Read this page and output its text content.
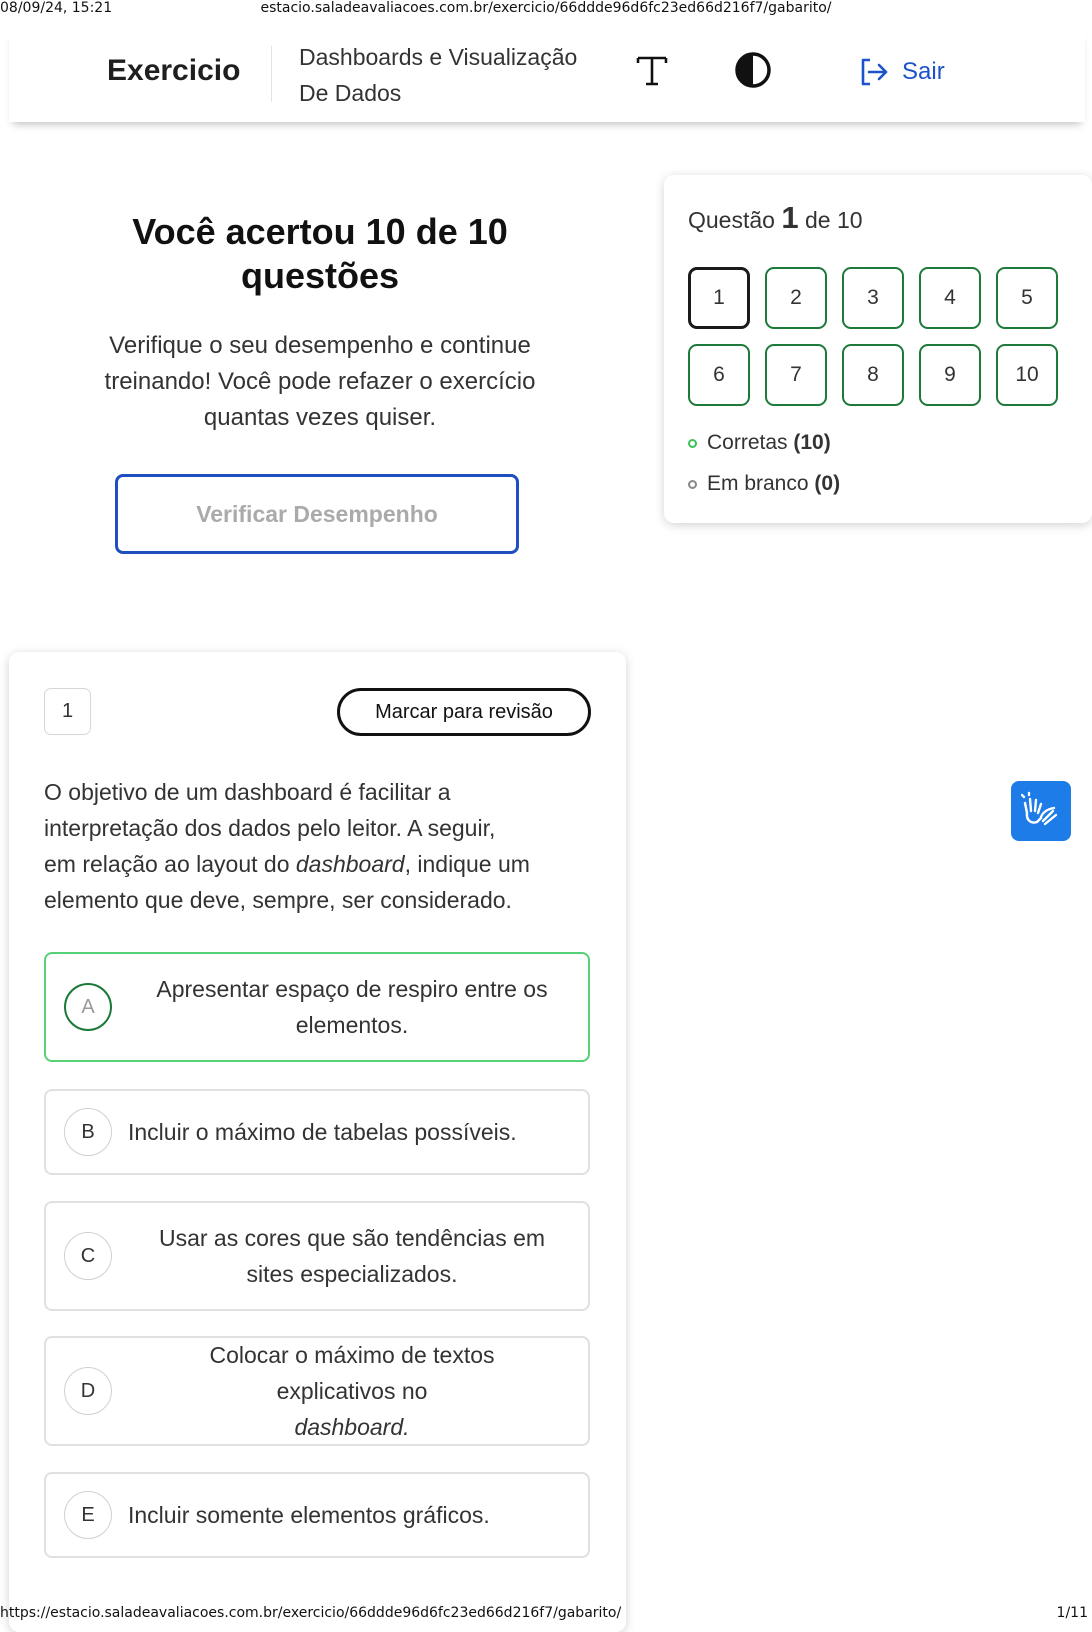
08/09/24, 15:21	estacio.saladeavaliacoes.com.br/exercicio/66ddde96d6fc23ed66d216f7/gabarito/
Exercicio	Dashboards e Visualização
De Dados
Sair
Você acertou 10 de 10
questões
Verifique o seu desempenho e continue
treinando! Você pode refazer o exercício
quantas vezes quiser.
Verificar Desempenho
Questão 1 de 10
1	2	3	4	5
6	7	8	9	10
Corretas (10)
Em branco (0)
1	Marcar para revisão
O objetivo de um dashboard é facilitar a
interpretação dos dados pelo leitor. A seguir,
em relação ao layout do dashboard, indique um
elemento que deve, sempre, ser considerado.
A
Apresentar espaço de respiro entre os
elementos.
B	Incluir o máximo de tabelas possíveis.
C
Usar as cores que são tendências em
sites especializados.
D
Colocar o máximo de textos
explicativos no
dashboard.
E	Incluir somente elementos gráficos.
https://estacio.saladeavaliacoes.com.br/exercicio/66ddde96d6fc23ed66d216f7/gabarito/	1/11
